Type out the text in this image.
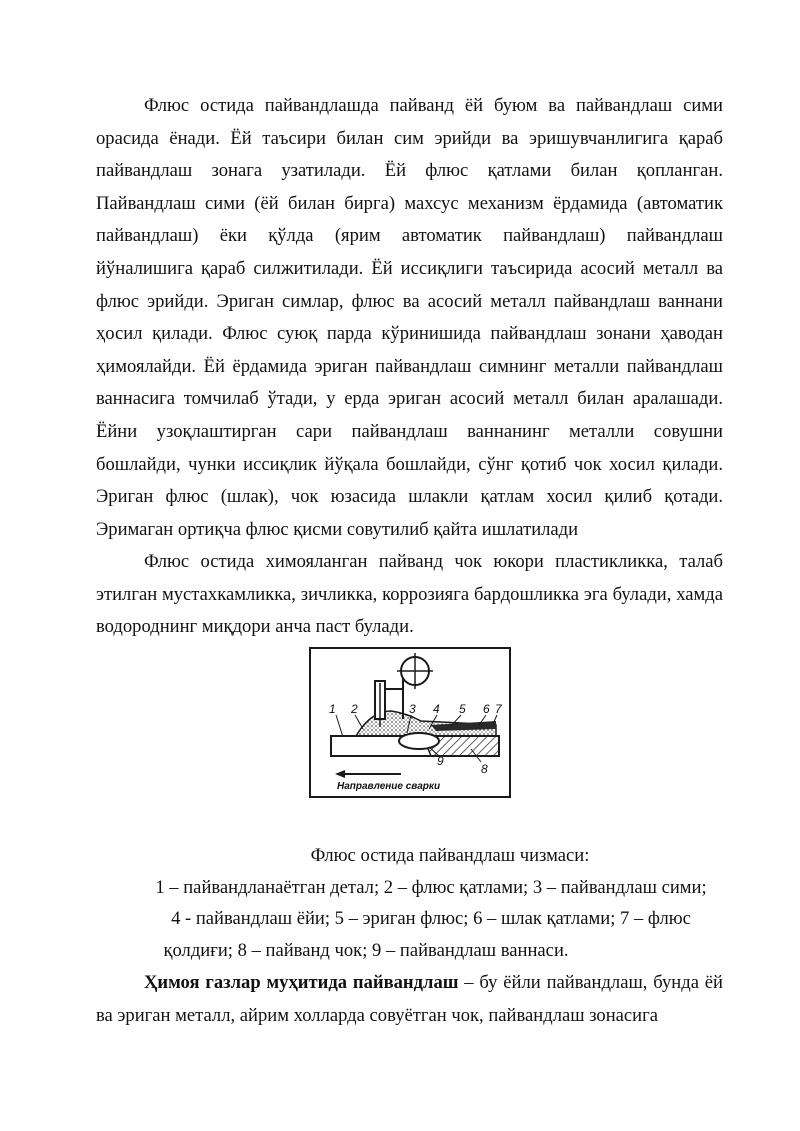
Флюс остида пайвандлашда пайванд ёй буюм ва пайвандлаш сими орасида ёнади. Ёй таъсири билан сим эрийди ва эришувчанлигига қараб пайвандлаш зонага узатилади. Ёй флюс қатлами билан қопланган. Пайвандлаш сими (ёй билан бирга) махсус механизм ёрдамида (автоматик пайвандлаш) ёки қўлда (ярим автоматик пайвандлаш) пайвандлаш йўналишига қараб силжитилади. Ёй иссиқлиги таъсирида асосий металл ва флюс эрийди. Эриган симлар, флюс ва асосий металл пайвандлаш ваннани ҳосил қилади. Флюс суюқ парда кўринишида пайвандлаш зонани ҳаводан ҳимоялайди. Ёй ёрдамида эриган пайвандлаш симнинг металли пайвандлаш ваннасига томчилаб ўтади, у ерда эриган асосий металл билан аралашади. Ёйни узоқлаштирган сари пайвандлаш ваннанинг металли совушни бошлайди, чунки иссиқлик йўқала бошлайди, сўнг қотиб чок хосил қилади. Эриган флюс (шлак), чок юзасида шлакли қатлам хосил қилиб қотади. Эримаган ортиқча флюс қисми совутилиб қайта ишлатилади

Флюс остида химояланган пайванд чок юкори пластикликка, талаб этилган мустахкамликка, зичликка, коррозияга бардошликка эга булади, хамда водороднинг миқдори анча паст булади.

1 2	3 4 5 6 7
8
9
Направление сварки

Флюс остида пайвандлаш чизмаси:

1 – пайвандланаётган детал; 2 – флюс қатлами; 3 – пайвандлаш сими;

4 - пайвандлаш ёйи; 5 – эриган флюс; 6 – шлак қатлами; 7 – флюс

қолдиғи; 8 – пайванд чок; 9 – пайвандлаш ваннаси.

Ҳимоя газлар муҳитида пайвандлаш – бу ёйли пайвандлаш, бунда ёй ва эриган металл, айрим холларда совуётган чок, пайвандлаш зонасига
